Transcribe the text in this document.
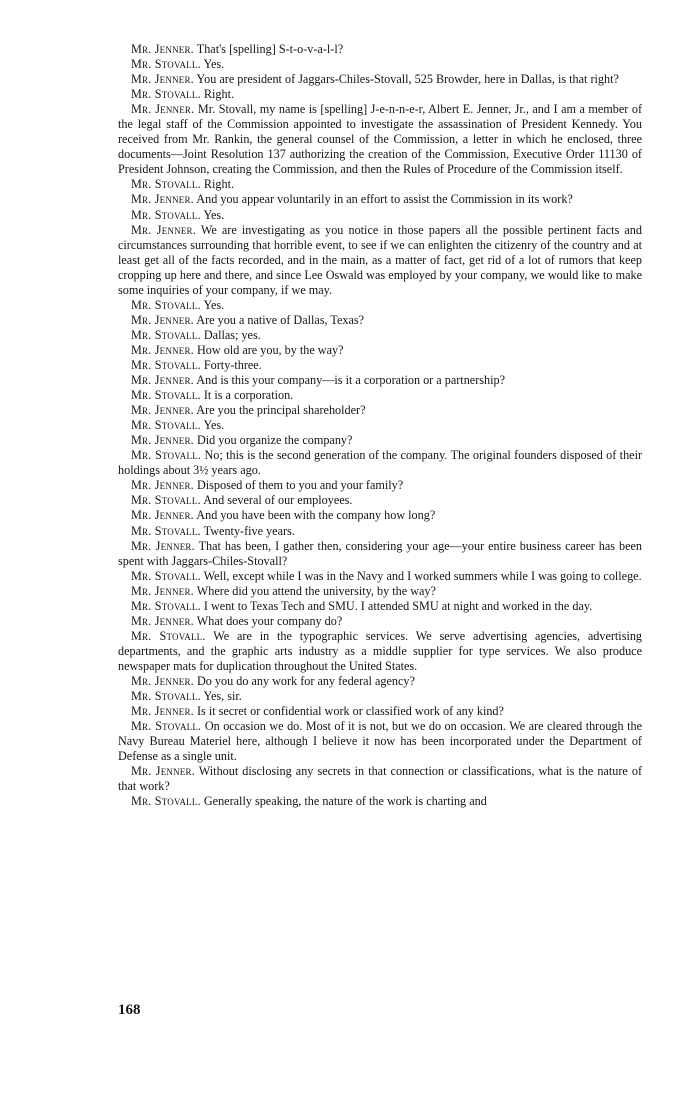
Mr. Jenner. That's [spelling] S-t-o-v-a-l-l?

Mr. Stovall. Yes.

Mr. Jenner. You are president of Jaggars-Chiles-Stovall, 525 Browder, here in Dallas, is that right?

Mr. Stovall. Right.

Mr. Jenner. Mr. Stovall, my name is [spelling] J-e-n-n-e-r, Albert E. Jenner, Jr., and I am a member of the legal staff of the Commission appointed to investigate the assassination of President Kennedy. You received from Mr. Rankin, the general counsel of the Commission, a letter in which he enclosed, three documents—Joint Resolution 137 authorizing the creation of the Commission, Executive Order 11130 of President Johnson, creating the Commission, and then the Rules of Procedure of the Commission itself.

Mr. Stovall. Right.

Mr. Jenner. And you appear voluntarily in an effort to assist the Commission in its work?

Mr. Stovall. Yes.

Mr. Jenner. We are investigating as you notice in those papers all the possible pertinent facts and circumstances surrounding that horrible event, to see if we can enlighten the citizenry of the country and at least get all of the facts recorded, and in the main, as a matter of fact, get rid of a lot of rumors that keep cropping up here and there, and since Lee Oswald was employed by your company, we would like to make some inquiries of your company, if we may.

Mr. Stovall. Yes.

Mr. Jenner. Are you a native of Dallas, Texas?

Mr. Stovall. Dallas; yes.

Mr. Jenner. How old are you, by the way?

Mr. Stovall. Forty-three.

Mr. Jenner. And is this your company—is it a corporation or a partnership?

Mr. Stovall. It is a corporation.

Mr. Jenner. Are you the principal shareholder?

Mr. Stovall. Yes.

Mr. Jenner. Did you organize the company?

Mr. Stovall. No; this is the second generation of the company. The original founders disposed of their holdings about 3½ years ago.

Mr. Jenner. Disposed of them to you and your family?

Mr. Stovall. And several of our employees.

Mr. Jenner. And you have been with the company how long?

Mr. Stovall. Twenty-five years.

Mr. Jenner. That has been, I gather then, considering your age—your entire business career has been spent with Jaggars-Chiles-Stovall?

Mr. Stovall. Well, except while I was in the Navy and I worked summers while I was going to college.

Mr. Jenner. Where did you attend the university, by the way?

Mr. Stovall. I went to Texas Tech and SMU. I attended SMU at night and worked in the day.

Mr. Jenner. What does your company do?

Mr. Stovall. We are in the typographic services. We serve advertising agencies, advertising departments, and the graphic arts industry as a middle supplier for type services. We also produce newspaper mats for duplication throughout the United States.

Mr. Jenner. Do you do any work for any federal agency?

Mr. Stovall. Yes, sir.

Mr. Jenner. Is it secret or confidential work or classified work of any kind?

Mr. Stovall. On occasion we do. Most of it is not, but we do on occasion. We are cleared through the Navy Bureau Materiel here, although I believe it now has been incorporated under the Department of Defense as a single unit.

Mr. Jenner. Without disclosing any secrets in that connection or classifications, what is the nature of that work?

Mr. Stovall. Generally speaking, the nature of the work is charting and

168
